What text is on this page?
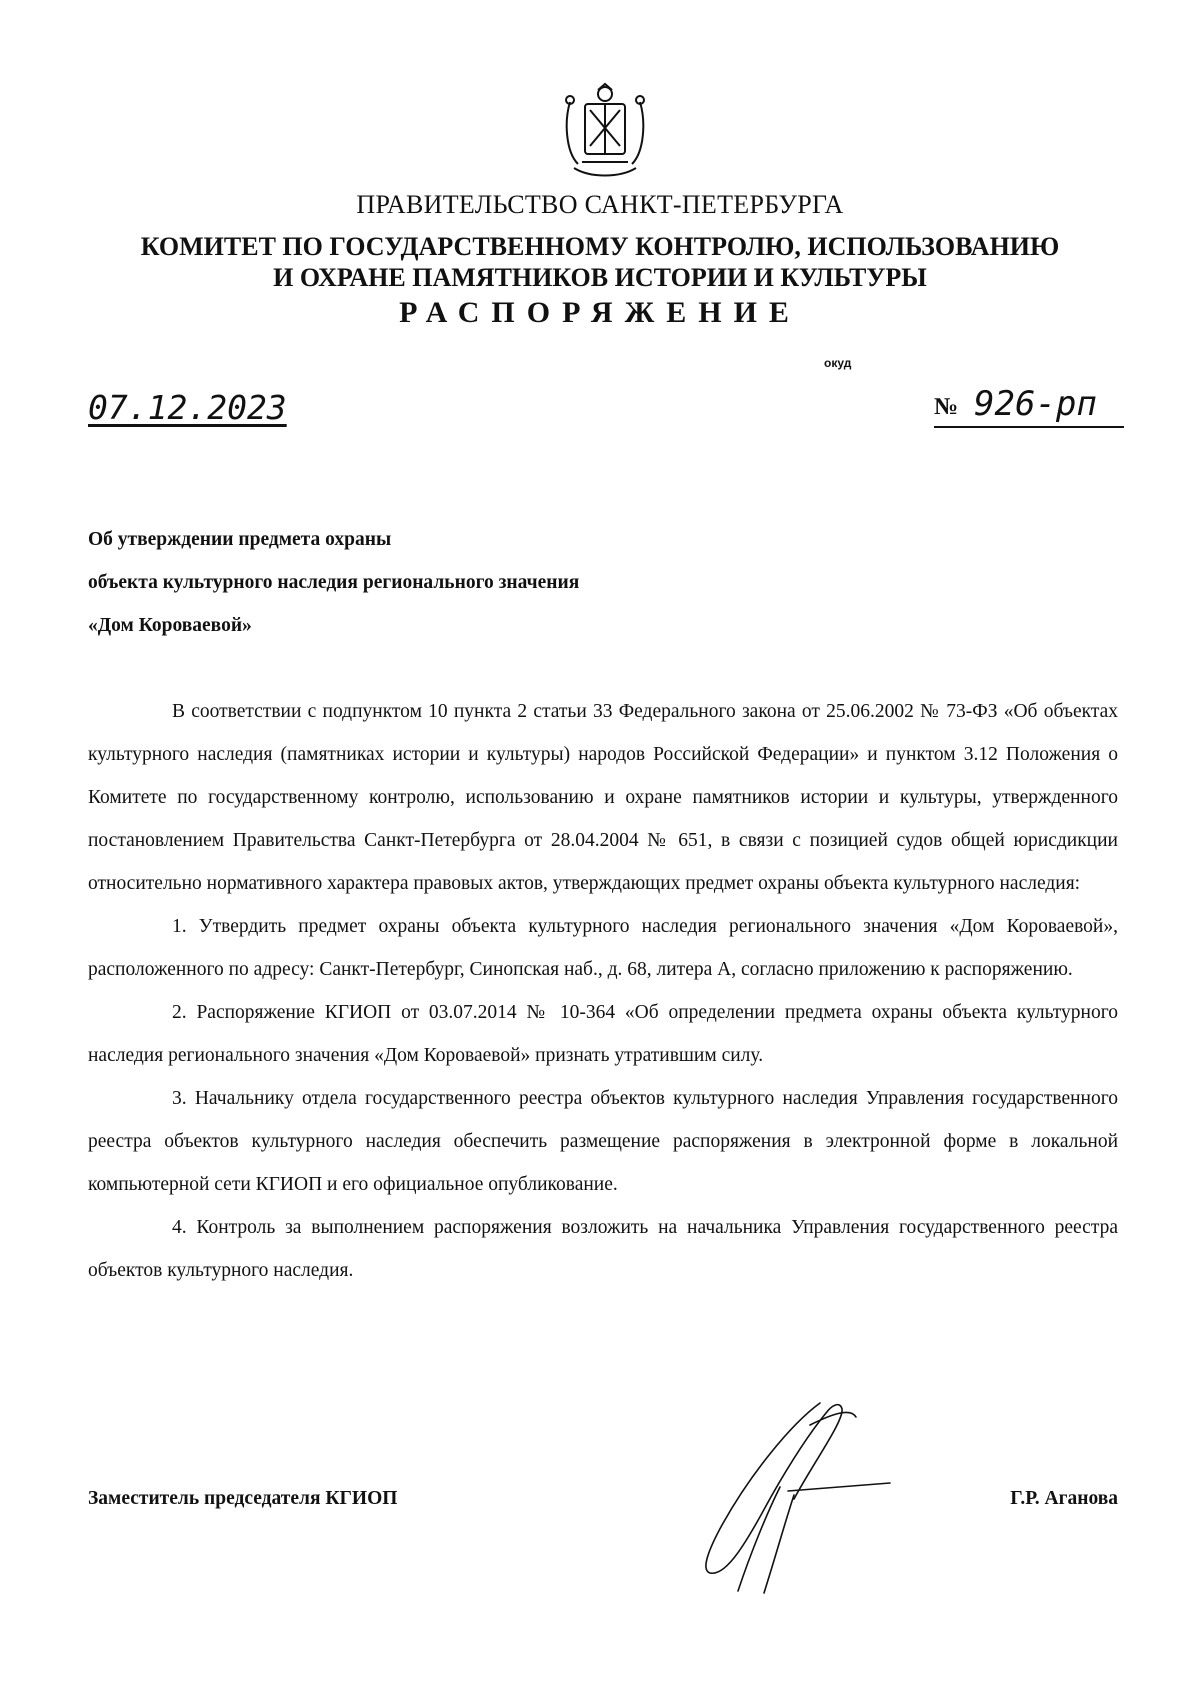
ПРАВИТЕЛЬСТВО САНКТ-ПЕТЕРБУРГА
КОМИТЕТ ПО ГОСУДАРСТВЕННОМУ КОНТРОЛЮ, ИСПОЛЬЗОВАНИЮ
И ОХРАНЕ ПАМЯТНИКОВ ИСТОРИИ И КУЛЬТУРЫ
РАСПОРЯЖЕНИЕ
окуд
07.12.2023	№ 926-рп
Об утверждении предмета охраны
объекта культурного наследия регионального значения
«Дом Короваевой»

В соответствии с подпунктом 10 пункта 2 статьи 33 Федерального закона от 25.06.2002 № 73-ФЗ «Об объектах культурного наследия (памятниках истории и культуры) народов Российской Федерации» и пунктом 3.12 Положения о Комитете по государственному контролю, использованию и охране памятников истории и культуры, утвержденного постановлением Правительства Санкт-Петербурга от 28.04.2004 № 651, в связи с позицией судов общей юрисдикции относительно нормативного характера правовых актов, утверждающих предмет охраны объекта культурного наследия:

1. Утвердить предмет охраны объекта культурного наследия регионального значения «Дом Короваевой», расположенного по адресу: Санкт-Петербург, Синопская наб., д. 68, литера А, согласно приложению к распоряжению.

2. Распоряжение КГИОП от 03.07.2014 № 10-364 «Об определении предмета охраны объекта культурного наследия регионального значения «Дом Короваевой» признать утратившим силу.

3. Начальнику отдела государственного реестра объектов культурного наследия Управления государственного реестра объектов культурного наследия обеспечить размещение распоряжения в электронной форме в локальной компьютерной сети КГИОП и его официальное опубликование.

4. Контроль за выполнением распоряжения возложить на начальника Управления государственного реестра объектов культурного наследия.

Заместитель председателя КГИОП	Г.Р. Аганова
